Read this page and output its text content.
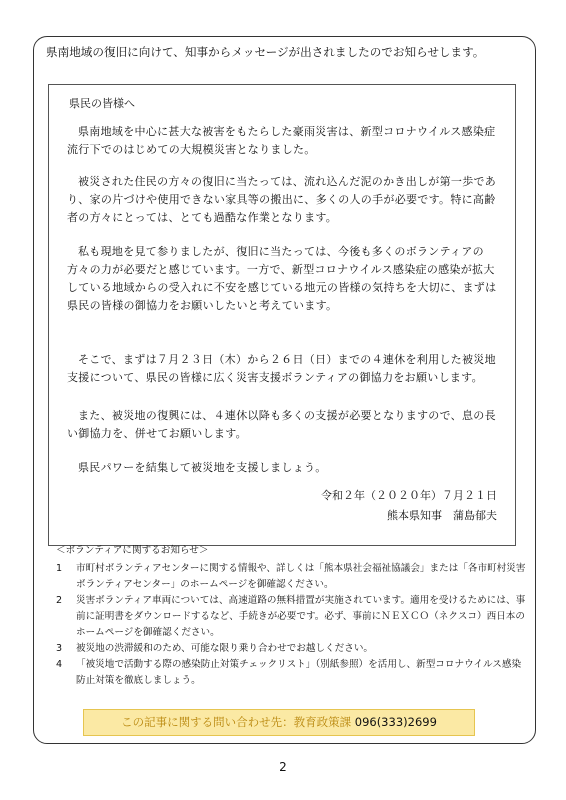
県南地域の復旧に向けて、知事からメッセージが出されましたのでお知らせします。
県民の皆様へ
県南地域を中心に甚大な被害をもたらした豪雨災害は、新型コロナウイルス感染症流行下でのはじめての大規模災害となりました。
被災された住民の方々の復旧に当たっては、流れ込んだ泥のかき出しが第一歩であり、家の片づけや使用できない家具等の搬出に、多くの人の手が必要です。特に高齢者の方々にとっては、とても過酷な作業となります。
私も現地を見て参りましたが、復旧に当たっては、今後も多くのボランティアの方々の力が必要だと感じています。一方で、新型コロナウイルス感染症の感染が拡大している地域からの受入れに不安を感じている地元の皆様の気持ちを大切に、まずは県民の皆様の御協力をお願いしたいと考えています。
そこで、まずは７月２３日（木）から２６日（日）までの４連休を利用した被災地支援について、県民の皆様に広く災害支援ボランティアの御協力をお願いします。
また、被災地の復興には、４連休以降も多くの支援が必要となりますので、息の長い御協力を、併せてお願いします。
県民パワーを結集して被災地を支援しましょう。
令和２年（２０２０年）７月２１日
熊本県知事　蒲島郁夫
＜ボランティアに関するお知らせ＞
1	市町村ボランティアセンターに関する情報や、詳しくは「熊本県社会福祉協議会」または「各市町村災害ボランティアセンター」のホームページを御確認ください。
2	災害ボランティア車両については、高速道路の無料措置が実施されています。適用を受けるためには、事前に証明書をダウンロードするなど、手続きが必要です。必ず、事前にＮＥＸＣＯ（ネクスコ）西日本のホームページを御確認ください。
3	被災地の渋滞緩和のため、可能な限り乗り合わせでお越しください。
4	「被災地で活動する際の感染防止対策チェックリスト」（別紙参照）を活用し、新型コロナウイルス感染防止対策を徹底しましょう。
この記事に関する問い合わせ先：教育政策課 096(333)2699
2
